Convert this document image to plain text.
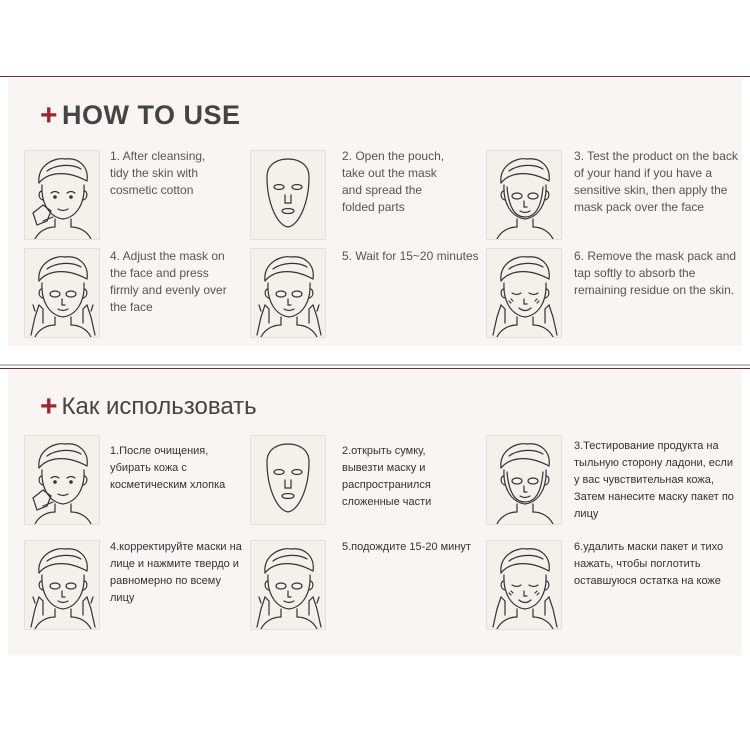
+ HOW TO USE
1. After cleansing, tidy the skin with cosmetic cotton
2. Open the pouch, take out the mask and spread the folded parts
3. Test the product on the back of your hand if you have a sensitive skin, then apply the mask pack over the face
4. Adjust the mask on the face and press firmly and evenly over the face
5. Wait for 15~20 minutes	6. Remove the mask pack and tap softly to absorb the remaining residue on the skin.
+ Как использовать
1.После очищения, убирать кожа с косметическим хлопка
2.открыть сумку, вывезти маску и распространился сложенные части
3.Тестирование продукта на тыльную сторону ладони, если у вас чувствительная кожа, Затем нанесите маску пакет по лицу
4.корректируйте маски на лице и нажмите твердо и равномерно по всему лицу
5.подождите 15-20 минут	6.удалить маски пакет и тихо нажать, чтобы поглотить оставшуюся остатка на коже
